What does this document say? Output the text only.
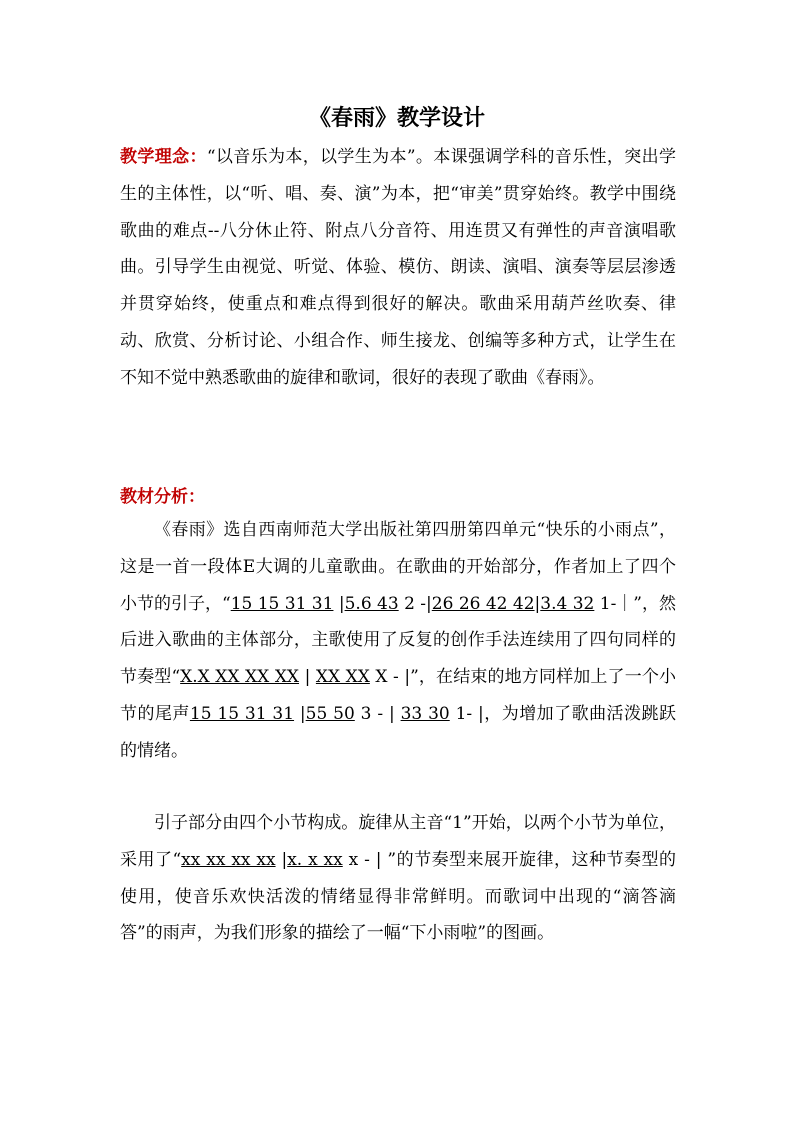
《春雨》教学设计
教学理念：“以音乐为本，以学生为本”。本课强调学科的音乐性，突出学生的主体性，以“听、唱、奏、演”为本，把“审美”贯穿始终。教学中围绕歌曲的难点--八分休止符、附点八分音符、用连贯又有弹性的声音演唱歌曲。引导学生由视觉、听觉、体验、模仿、朗读、演唱、演奏等层层渗透并贯穿始终，使重点和难点得到很好的解决。歌曲采用葫芦丝吹奏、律动、欣赏、分析讨论、小组合作、师生接龙、创编等多种方式，让学生在不知不觉中熟悉歌曲的旋律和歌词，很好的表现了歌曲《春雨》。
教材分析：
《春雨》选自西南师范大学出版社第四册第四单元“快乐的小雨点”，这是一首一段体E大调的儿童歌曲。在歌曲的开始部分，作者加上了四个小节的引子，“15 15 31 31 |5.6 43 2 -|26 26 42 42|3.4 32 1-｜”，然后进入歌曲的主体部分，主歌使用了反复的创作手法连续用了四句同样的节奏型“X.X XX XX XX | XX XX X - |”，在结束的地方同样加上了一个小节的尾声15 15 31 31 |55 50 3 - | 33 30 1- |，为增加了歌曲活泼跳跃的情绪。
引子部分由四个小节构成。旋律从主音“1”开始，以两个小节为单位，采用了“xx xx xx xx |x. x xx x - | ”的节奏型来展开旋律，这种节奏型的使用，使音乐欢快活泼的情绪显得非常鲜明。而歌词中出现的“滴答滴答”的雨声，为我们形象的描绘了一幅“下小雨啦”的图画。
